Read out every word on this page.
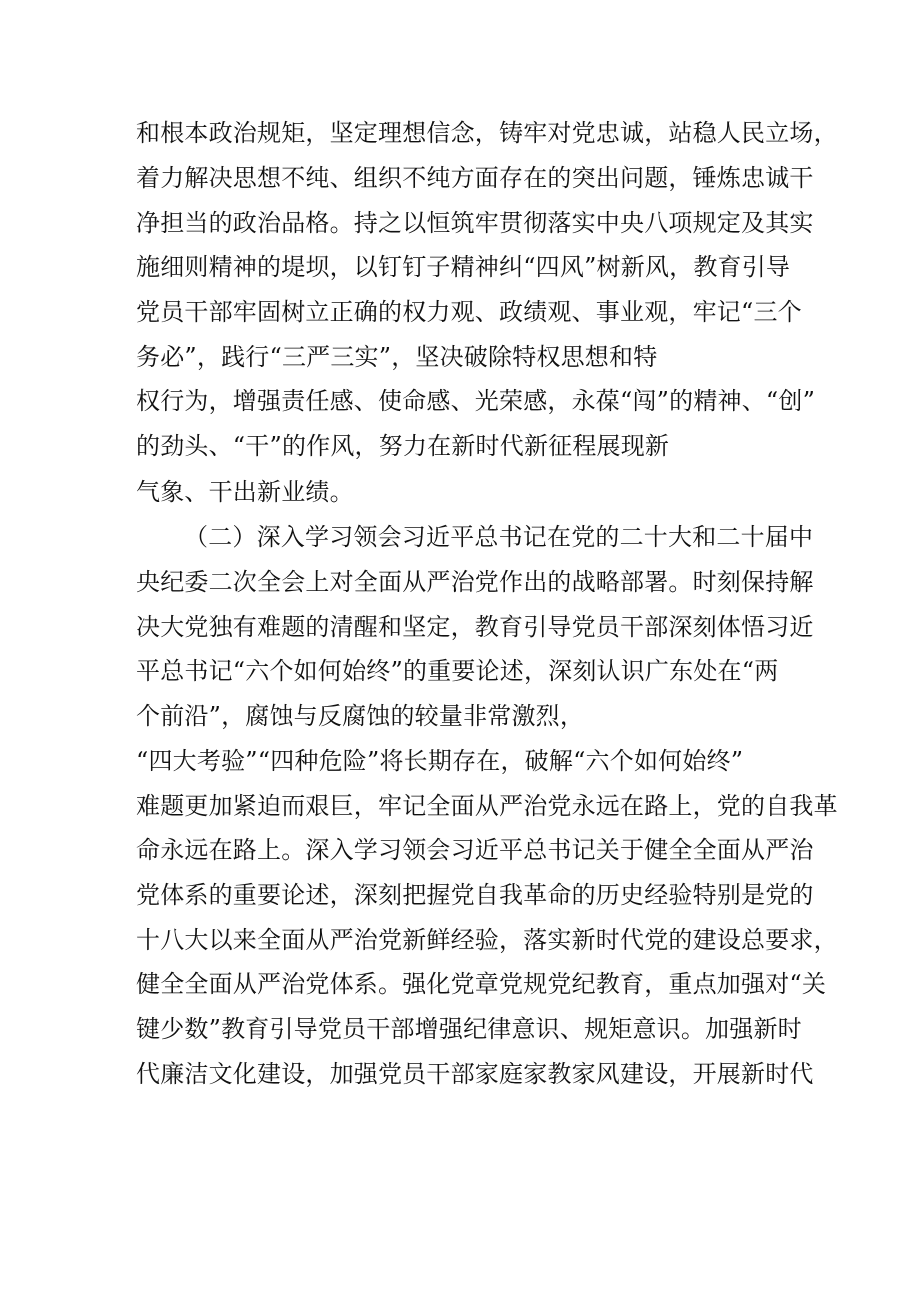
和根本政治规矩，坚定理想信念，铸牢对党忠诚，站稳人民立场，

着力解决思想不纯、组织不纯方面存在的突出问题，锤炼忠诚干

净担当的政治品格。持之以恒筑牢贯彻落实中央八项规定及其实

施细则精神的堤坝，以钉钉子精神纠“四风”树新风，教育引导

党员干部牢固树立正确的权力观、政绩观、事业观，牢记“三个

务必”，践行“三严三实”，坚决破除特权思想和特

权行为，增强责任感、使命感、光荣感，永葆“闯”的精神、“创”

的劲头、“干”的作风，努力在新时代新征程展现新

气象、干出新业绩。

（二）深入学习领会习近平总书记在党的二十大和二十届中

央纪委二次全会上对全面从严治党作出的战略部署。时刻保持解

决大党独有难题的清醒和坚定，教育引导党员干部深刻体悟习近

平总书记“六个如何始终”的重要论述，深刻认识广东处在“两

个前沿”，腐蚀与反腐蚀的较量非常激烈，

“四大考验”“四种危险”将长期存在，破解“六个如何始终”

难题更加紧迫而艰巨，牢记全面从严治党永远在路上，党的自我革

命永远在路上。深入学习领会习近平总书记关于健全全面从严治

党体系的重要论述，深刻把握党自我革命的历史经验特别是党的

十八大以来全面从严治党新鲜经验，落实新时代党的建设总要求，

健全全面从严治党体系。强化党章党规党纪教育，重点加强对“关

键少数”教育引导党员干部增强纪律意识、规矩意识。加强新时

代廉洁文化建设，加强党员干部家庭家教家风建设，开展新时代
